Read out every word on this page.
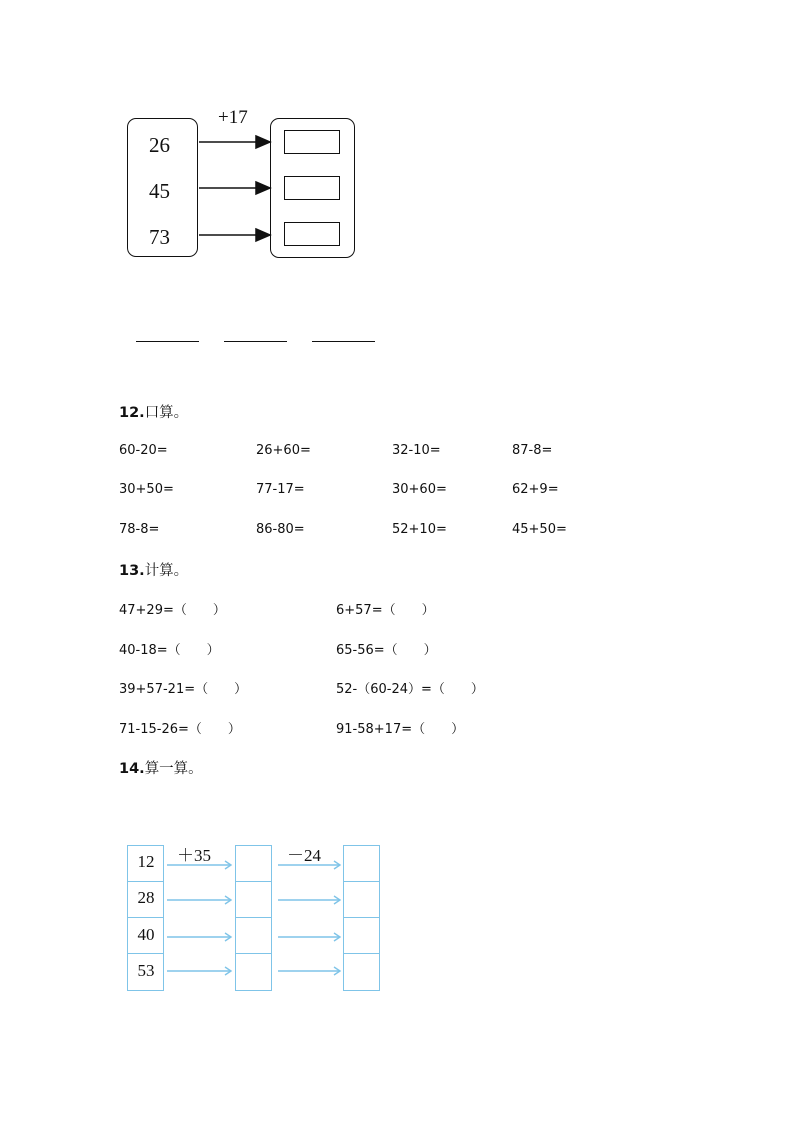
26
45
73
+17
12.口算。
60-20=	26+60=	32-10=	87-8=
30+50=	77-17=	30+60=	62+9=
78-8=	86-80=	52+10=	45+50=
13.计算。
47+29=（　　）	6+57=（　　）
40-18=（　　）	65-56=（　　）
39+57-21=（　　）	52-（60-24）=（　　）
71-15-26=（　　）	91-58+17=（　　）
14.算一算。
＋35	－24
12
28
40
53
